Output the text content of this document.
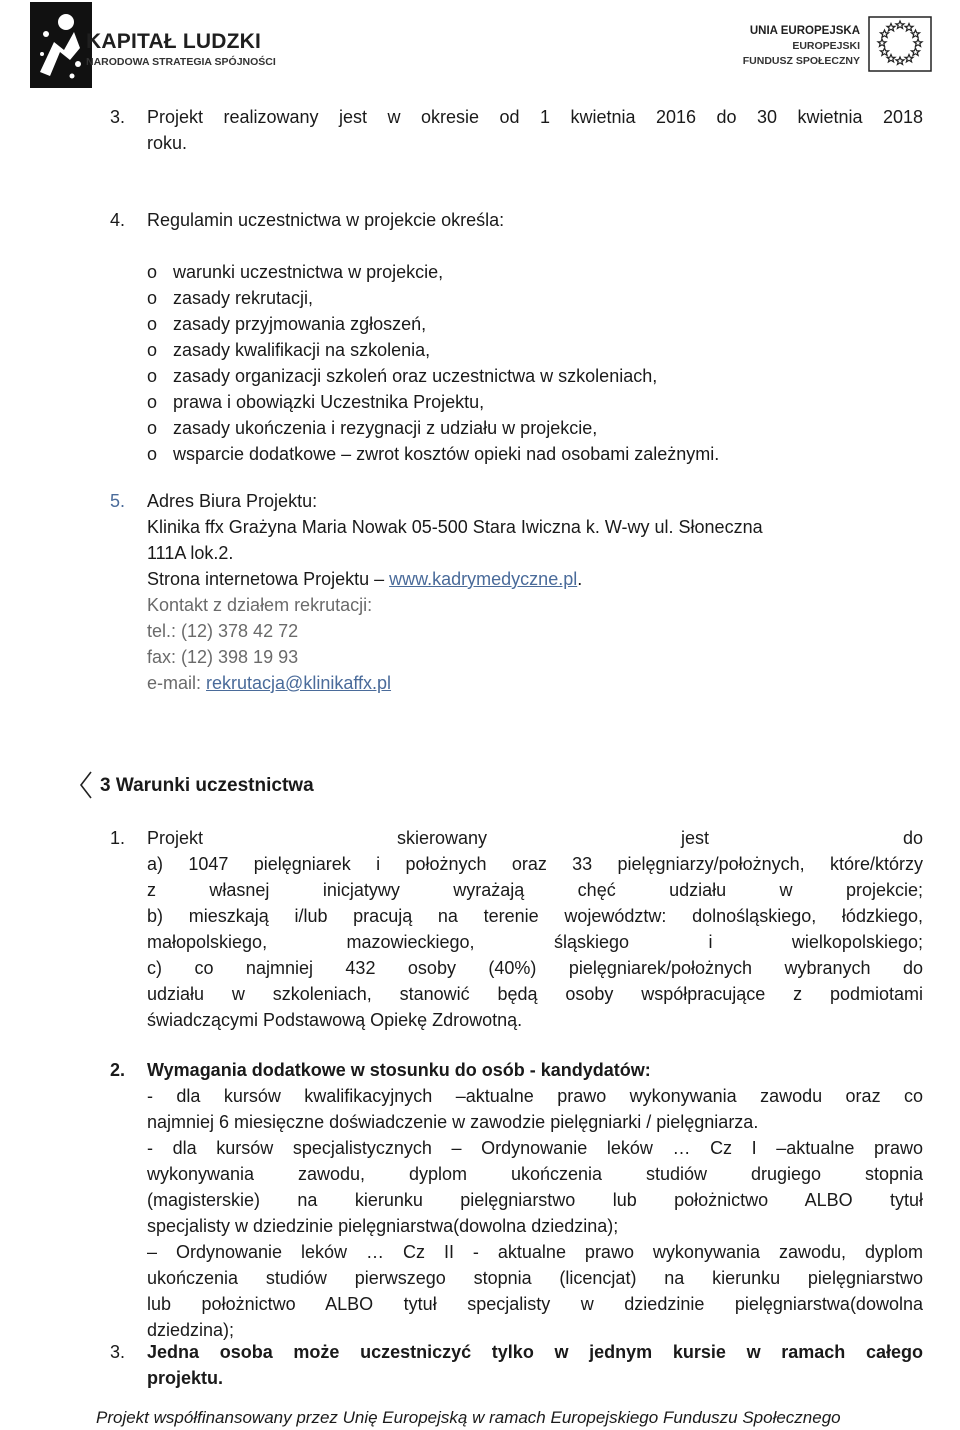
KAPITAŁ LUDZKI
NARODOWA STRATEGIA SPÓJNOŚCI
UNIA EUROPEJSKA
EUROPEJSKI
FUNDUSZ SPOŁECZNY
3. Projekt realizowany jest w okresie od 1 kwietnia 2016 do 30 kwietnia 2018
roku.
4. Regulamin uczestnictwa w projekcie określa:
o warunki uczestnictwa w projekcie,
o zasady rekrutacji,
o zasady przyjmowania zgłoszeń,
o zasady kwalifikacji na szkolenia,
o zasady organizacji szkoleń oraz uczestnictwa w szkoleniach,
o prawa i obowiązki Uczestnika Projektu,
o zasady ukończenia i rezygnacji z udziału w projekcie,
o wsparcie dodatkowe – zwrot kosztów opieki nad osobami zależnymi.
5. Adres Biura Projektu:
Klinika ffx Grażyna Maria Nowak 05-500 Stara Iwiczna k. W-wy ul. Słoneczna
111A lok.2.
Strona internetowa Projektu – www.kadrymedyczne.pl.
Kontakt z działem rekrutacji:
tel.: (12) 378 42 72
fax: (12) 398 19 93
e-mail: rekrutacja@klinikaffx.pl
3 Warunki uczestnictwa
1. Projekt skierowany jest do
a) 1047 pielęgniarek i położnych oraz 33 pielęgniarzy/położnych, które/którzy
z własnej inicjatywy wyrażają chęć udziału w projekcie;
b) mieszkają i/lub pracują na terenie województw: dolnośląskiego, łódzkiego,
małopolskiego, mazowieckiego, śląskiego i wielkopolskiego;
c) co najmniej 432 osoby (40%) pielęgniarek/położnych wybranych do
udziału w szkoleniach, stanowić będą osoby współpracujące z podmiotami
świadczącymi Podstawową Opiekę Zdrowotną.
2. Wymagania dodatkowe w stosunku do osób - kandydatów:
- dla kursów kwalifikacyjnych –aktualne prawo wykonywania zawodu oraz co
najmniej 6 miesięczne doświadczenie w zawodzie pielęgniarki / pielęgniarza.
- dla kursów specjalistycznych – Ordynowanie leków … Cz I –aktualne prawo
wykonywania zawodu, dyplom ukończenia studiów drugiego stopnia
(magisterskie) na kierunku pielęgniarstwo lub położnictwo ALBO tytuł
specjalisty w dziedzinie pielęgniarstwa(dowolna dziedzina);
– Ordynowanie leków … Cz II - aktualne prawo wykonywania zawodu, dyplom
ukończenia studiów pierwszego stopnia (licencjat) na kierunku pielęgniarstwo
lub położnictwo ALBO tytuł specjalisty w dziedzinie pielęgniarstwa(dowolna
dziedzina);
3. Jedna osoba może uczestniczyć tylko w jednym kursie w ramach całego
projektu.
Projekt współfinansowany przez Unię Europejską w ramach Europejskiego Funduszu Społecznego
